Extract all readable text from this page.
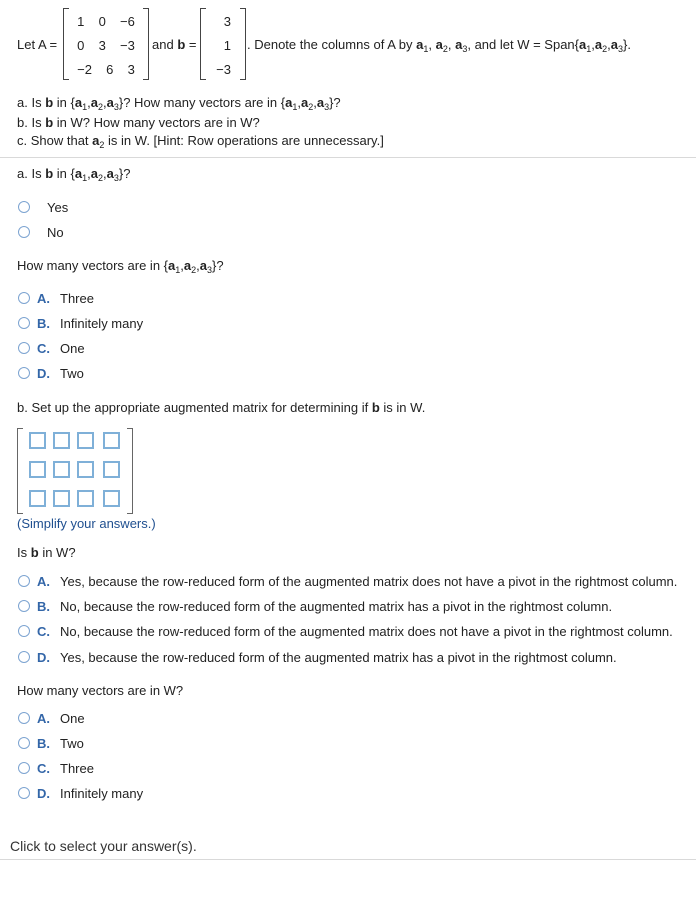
Let A =
1 0 −6
0 3 −3
−2 6 3
and b =
3
1
−3
. Denote the columns of A by $a_1$, $a_2$, $a_3$, and let $W = Span\{a_1,a_2,a_3\}$.
a. Is b in $\{a_1,a_2,a_3\}$? How many vectors are in $\{a_1,a_2,a_3\}$?
b. Is b in W? How many vectors are in W?
c. Show that $a_2$ is in W. [Hint: Row operations are unnecessary.]
a. Is b in $\{a_1,a_2,a_3\}$?
Yes
No
How many vectors are in $\{a_1,a_2,a_3\}$?
A. Three
B. Infinitely many
C. One
D. Two
b. Set up the appropriate augmented matrix for determining if b is in W.
(Simplify your answers.)
Is b in W?
A. Yes, because the row-reduced form of the augmented matrix does not have a pivot in the rightmost column.
B. No, because the row-reduced form of the augmented matrix has a pivot in the rightmost column.
C. No, because the row-reduced form of the augmented matrix does not have a pivot in the rightmost column.
D. Yes, because the row-reduced form of the augmented matrix has a pivot in the rightmost column.
How many vectors are in W?
A. One
B. Two
C. Three
D. Infinitely many
Click to select your answer(s).
